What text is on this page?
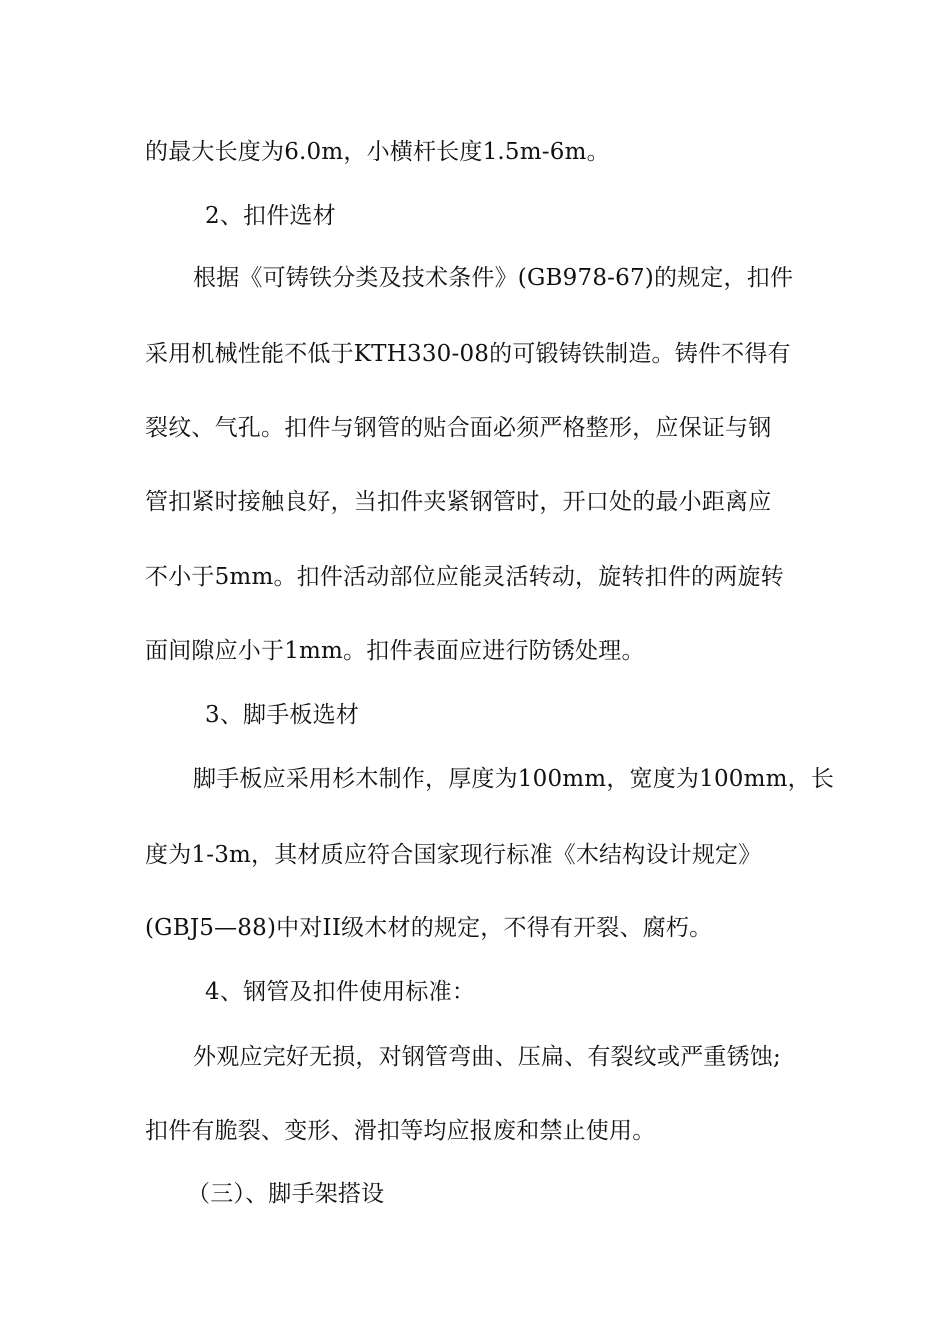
的最大长度为6.0m，小横杆长度1.5m-6m。
2、扣件选材
根据《可铸铁分类及技术条件》(GB978-67)的规定，扣件
采用机械性能不低于KTH330-08的可锻铸铁制造。铸件不得有
裂纹、气孔。扣件与钢管的贴合面必须严格整形，应保证与钢
管扣紧时接触良好，当扣件夹紧钢管时，开口处的最小距离应
不小于5mm。扣件活动部位应能灵活转动，旋转扣件的两旋转
面间隙应小于1mm。扣件表面应进行防锈处理。
3、脚手板选材
脚手板应采用杉木制作，厚度为100mm，宽度为100mm，长
度为1-3m，其材质应符合国家现行标准《木结构设计规定》
(GBJ5—88)中对II级木材的规定，不得有开裂、腐朽。
4、钢管及扣件使用标准：
外观应完好无损，对钢管弯曲、压扁、有裂纹或严重锈蚀;
扣件有脆裂、变形、滑扣等均应报废和禁止使用。
（三）、脚手架搭设
